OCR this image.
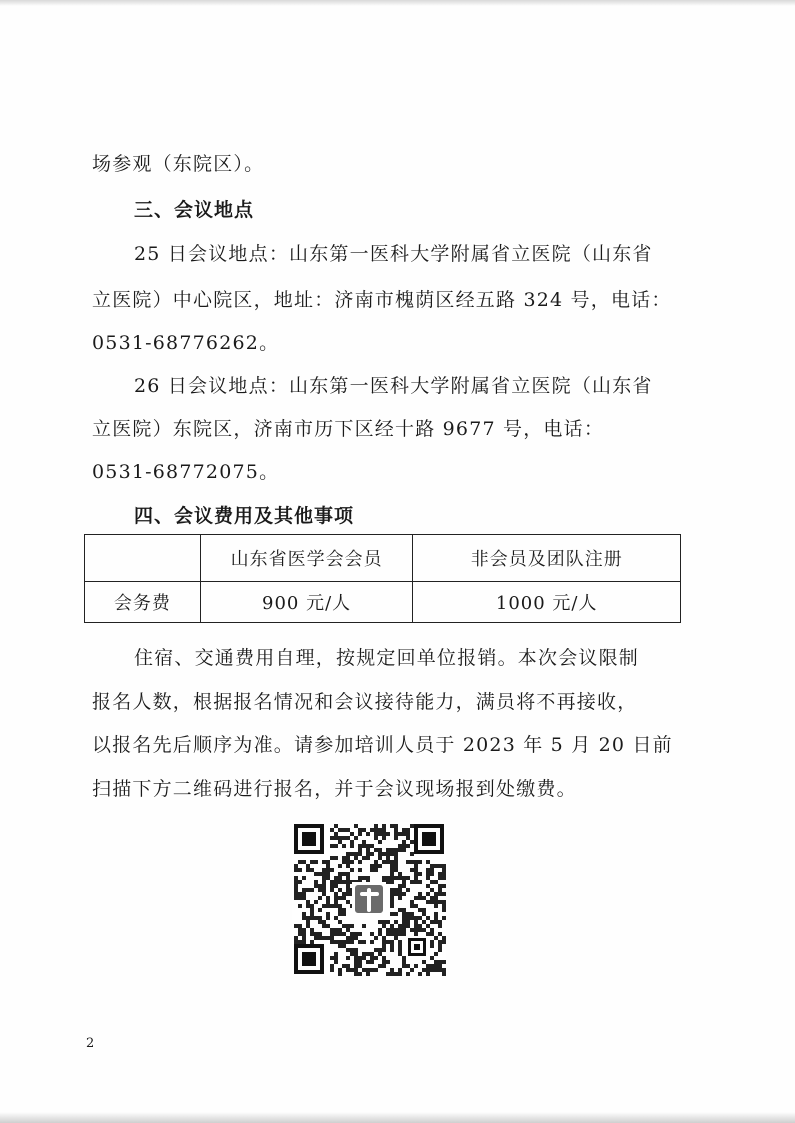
场参观（东院区）。
三、会议地点
25 日会议地点：山东第一医科大学附属省立医院（山东省
立医院）中心院区，地址：济南市槐荫区经五路 324 号，电话：
0531-68776262。
26 日会议地点：山东第一医科大学附属省立医院（山东省
立医院）东院区，济南市历下区经十路 9677 号，电话：
0531-68772075。
四、会议费用及其他事项
	山东省医学会会员	非会员及团队注册
会务费	900 元/人	1000 元/人
住宿、交通费用自理，按规定回单位报销。本次会议限制
报名人数，根据报名情况和会议接待能力，满员将不再接收，
以报名先后顺序为准。请参加培训人员于 2023 年 5 月 20 日前
扫描下方二维码进行报名，并于会议现场报到处缴费。
2
